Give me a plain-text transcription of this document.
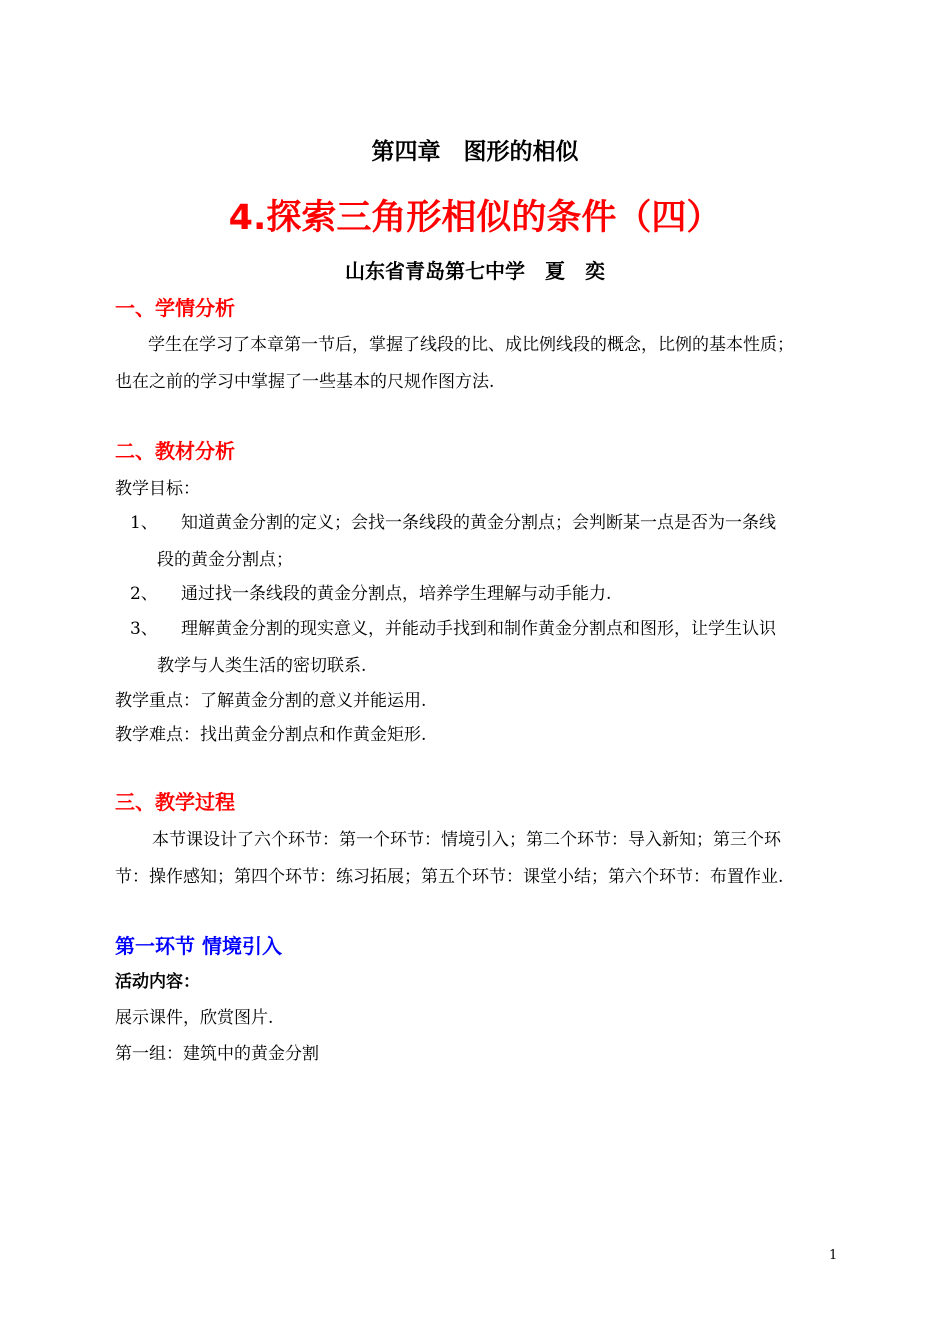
第四章　图形的相似
4.探索三角形相似的条件（四）
山东省青岛第七中学　夏　奕
一、学情分析
学生在学习了本章第一节后，掌握了线段的比、成比例线段的概念，比例的基本性质；
也在之前的学习中掌握了一些基本的尺规作图方法.
二、教材分析
教学目标：
1、 知道黄金分割的定义；会找一条线段的黄金分割点；会判断某一点是否为一条线
段的黄金分割点；
2、 通过找一条线段的黄金分割点，培养学生理解与动手能力.
3、 理解黄金分割的现实意义，并能动手找到和制作黄金分割点和图形，让学生认识
教学与人类生活的密切联系.
教学重点：了解黄金分割的意义并能运用.
教学难点：找出黄金分割点和作黄金矩形.
三、教学过程
本节课设计了六个环节：第一个环节：情境引入；第二个环节：导入新知；第三个环
节：操作感知；第四个环节：练习拓展；第五个环节：课堂小结；第六个环节：布置作业.
第一环节 情境引入
活动内容：
展示课件，欣赏图片.
第一组：建筑中的黄金分割
1
